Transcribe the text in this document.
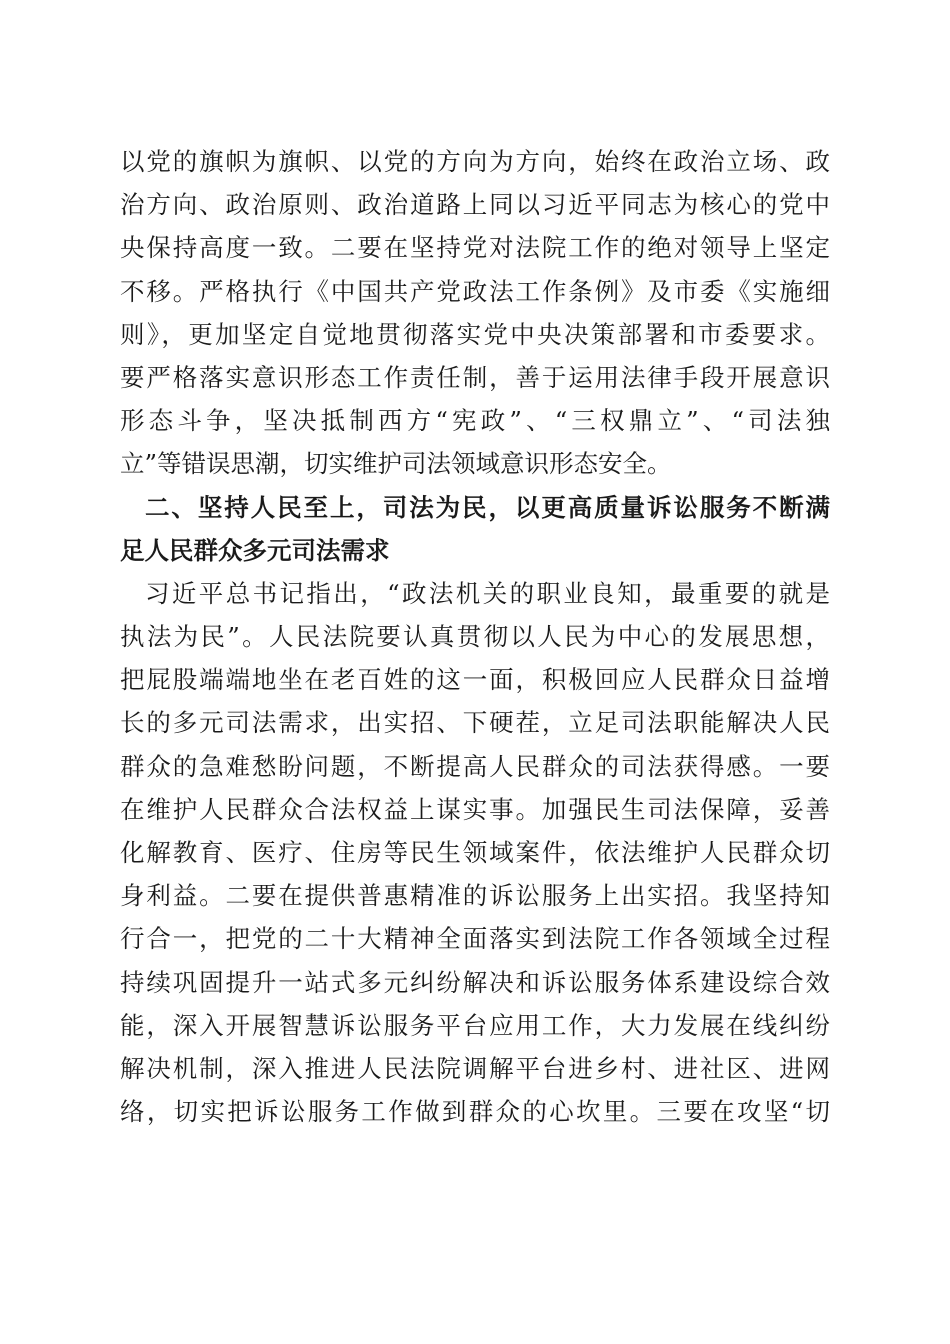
以党的旗帜为旗帜、以党的方向为方向，始终在政治立场、政
治方向、政治原则、政治道路上同以习近平同志为核心的党中
央保持高度一致。二要在坚持党对法院工作的绝对领导上坚定
不移。严格执行《中国共产党政法工作条例》及市委《实施细
则》，更加坚定自觉地贯彻落实党中央决策部署和市委要求。
要严格落实意识形态工作责任制，善于运用法律手段开展意识
形态斗争，坚决抵制西方“宪政”、“三权鼎立”、“司法独
立”等错误思潮，切实维护司法领域意识形态安全。
二、坚持人民至上，司法为民，以更高质量诉讼服务不断满
足人民群众多元司法需求
习近平总书记指出，“政法机关的职业良知，最重要的就是
执法为民”。人民法院要认真贯彻以人民为中心的发展思想，
把屁股端端地坐在老百姓的这一面，积极回应人民群众日益增
长的多元司法需求，出实招、下硬茬，立足司法职能解决人民
群众的急难愁盼问题，不断提高人民群众的司法获得感。一要
在维护人民群众合法权益上谋实事。加强民生司法保障，妥善
化解教育、医疗、住房等民生领域案件，依法维护人民群众切
身利益。二要在提供普惠精准的诉讼服务上出实招。我坚持知
行合一，把党的二十大精神全面落实到法院工作各领域全过程
持续巩固提升一站式多元纠纷解决和诉讼服务体系建设综合效
能，深入开展智慧诉讼服务平台应用工作，大力发展在线纠纷
解决机制，深入推进人民法院调解平台进乡村、进社区、进网
络，切实把诉讼服务工作做到群众的心坎里。三要在攻坚“切
